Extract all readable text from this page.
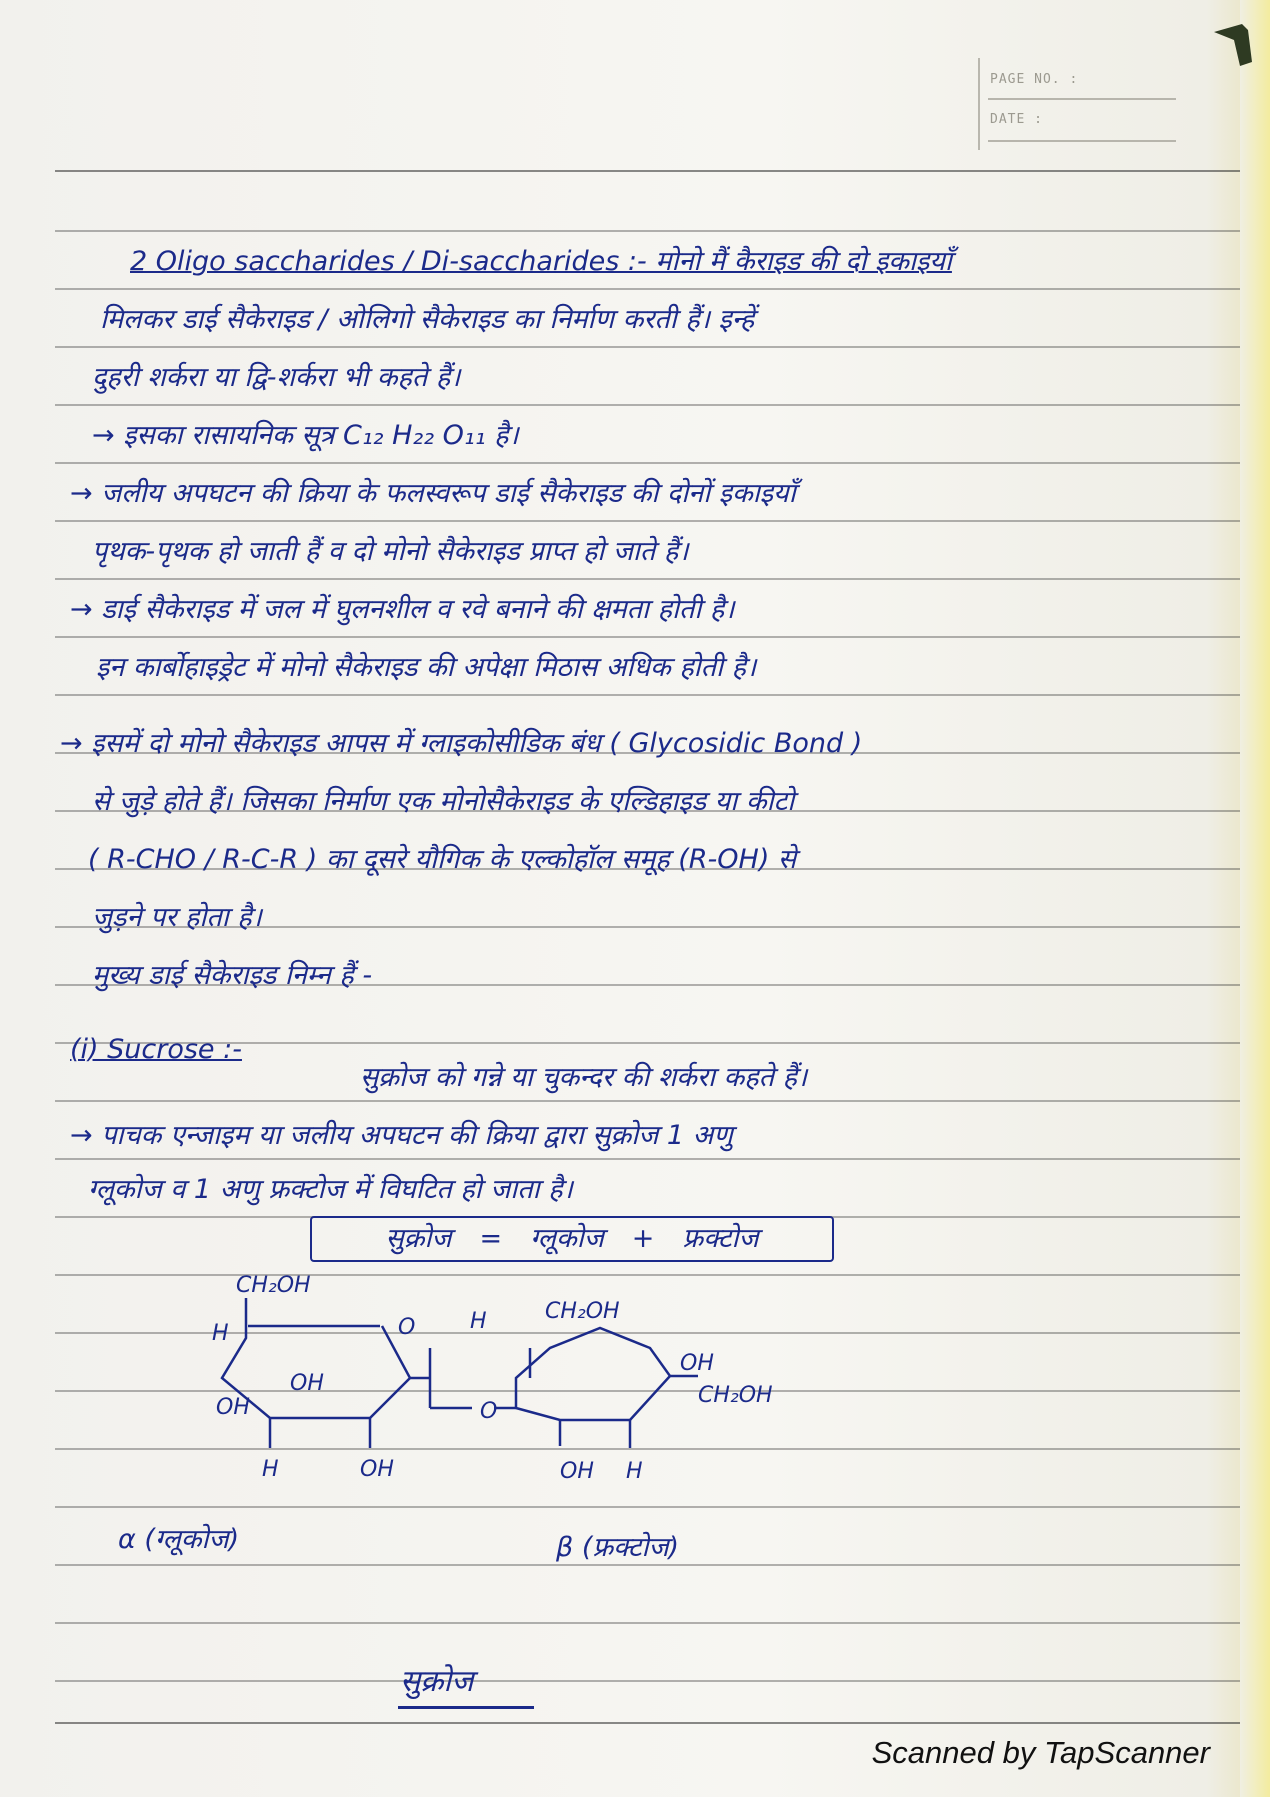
PAGE NO. :
DATE :
2 Oligo saccharides / Di-saccharides :- मोनो मैं कैराइड की दो इकाइयाँ
मिलकर डाई सैकेराइड / ओलिगो सैकेराइड का निर्माण करती हैं। इन्हें
दुहरी शर्करा या द्वि-शर्करा भी कहते हैं।
→ इसका रासायनिक सूत्र C₁₂ H₂₂ O₁₁ है।
→ जलीय अपघटन की क्रिया के फलस्वरूप डाई सैकेराइड की दोनों इकाइयाँ
पृथक-पृथक हो जाती हैं व दो मोनो सैकेराइड प्राप्त हो जाते हैं।
→ डाई सैकेराइड में जल में घुलनशील व रवे बनाने की क्षमता होती है।
इन कार्बोहाइड्रेट में मोनो सैकेराइड की अपेक्षा मिठास अधिक होती है।
→ इसमें दो मोनो सैकेराइड आपस में ग्लाइकोसीडिक बंध ( Glycosidic Bond )
से जुड़े होते हैं। जिसका निर्माण एक मोनोसैकेराइड के एल्डिहाइड या कीटो
( R-CHO / R-C-R ) का दूसरे यौगिक के एल्कोहॉल समूह (R-OH) से
जुड़ने पर होता है।
मुख्य डाई सैकेराइड निम्न हैं -
(i) Sucrose :-
सुक्रोज को गन्ने या चुकन्दर की शर्करा कहते हैं।
→ पाचक एन्जाइम या जलीय अपघटन की क्रिया द्वारा सुक्रोज 1 अणु
ग्लूकोज व 1 अणु फ्रक्टोज में विघटित हो जाता है।
सुक्रोज = ग्लूकोज + फ्रक्टोज
CH₂OH
H	O H	CH₂OH
OH
OH	O
CH₂OH
OH
H	OH	OH H
α (ग्लूकोज)	β (फ्रक्टोज)
सुक्रोज
Scanned by TapScanner
